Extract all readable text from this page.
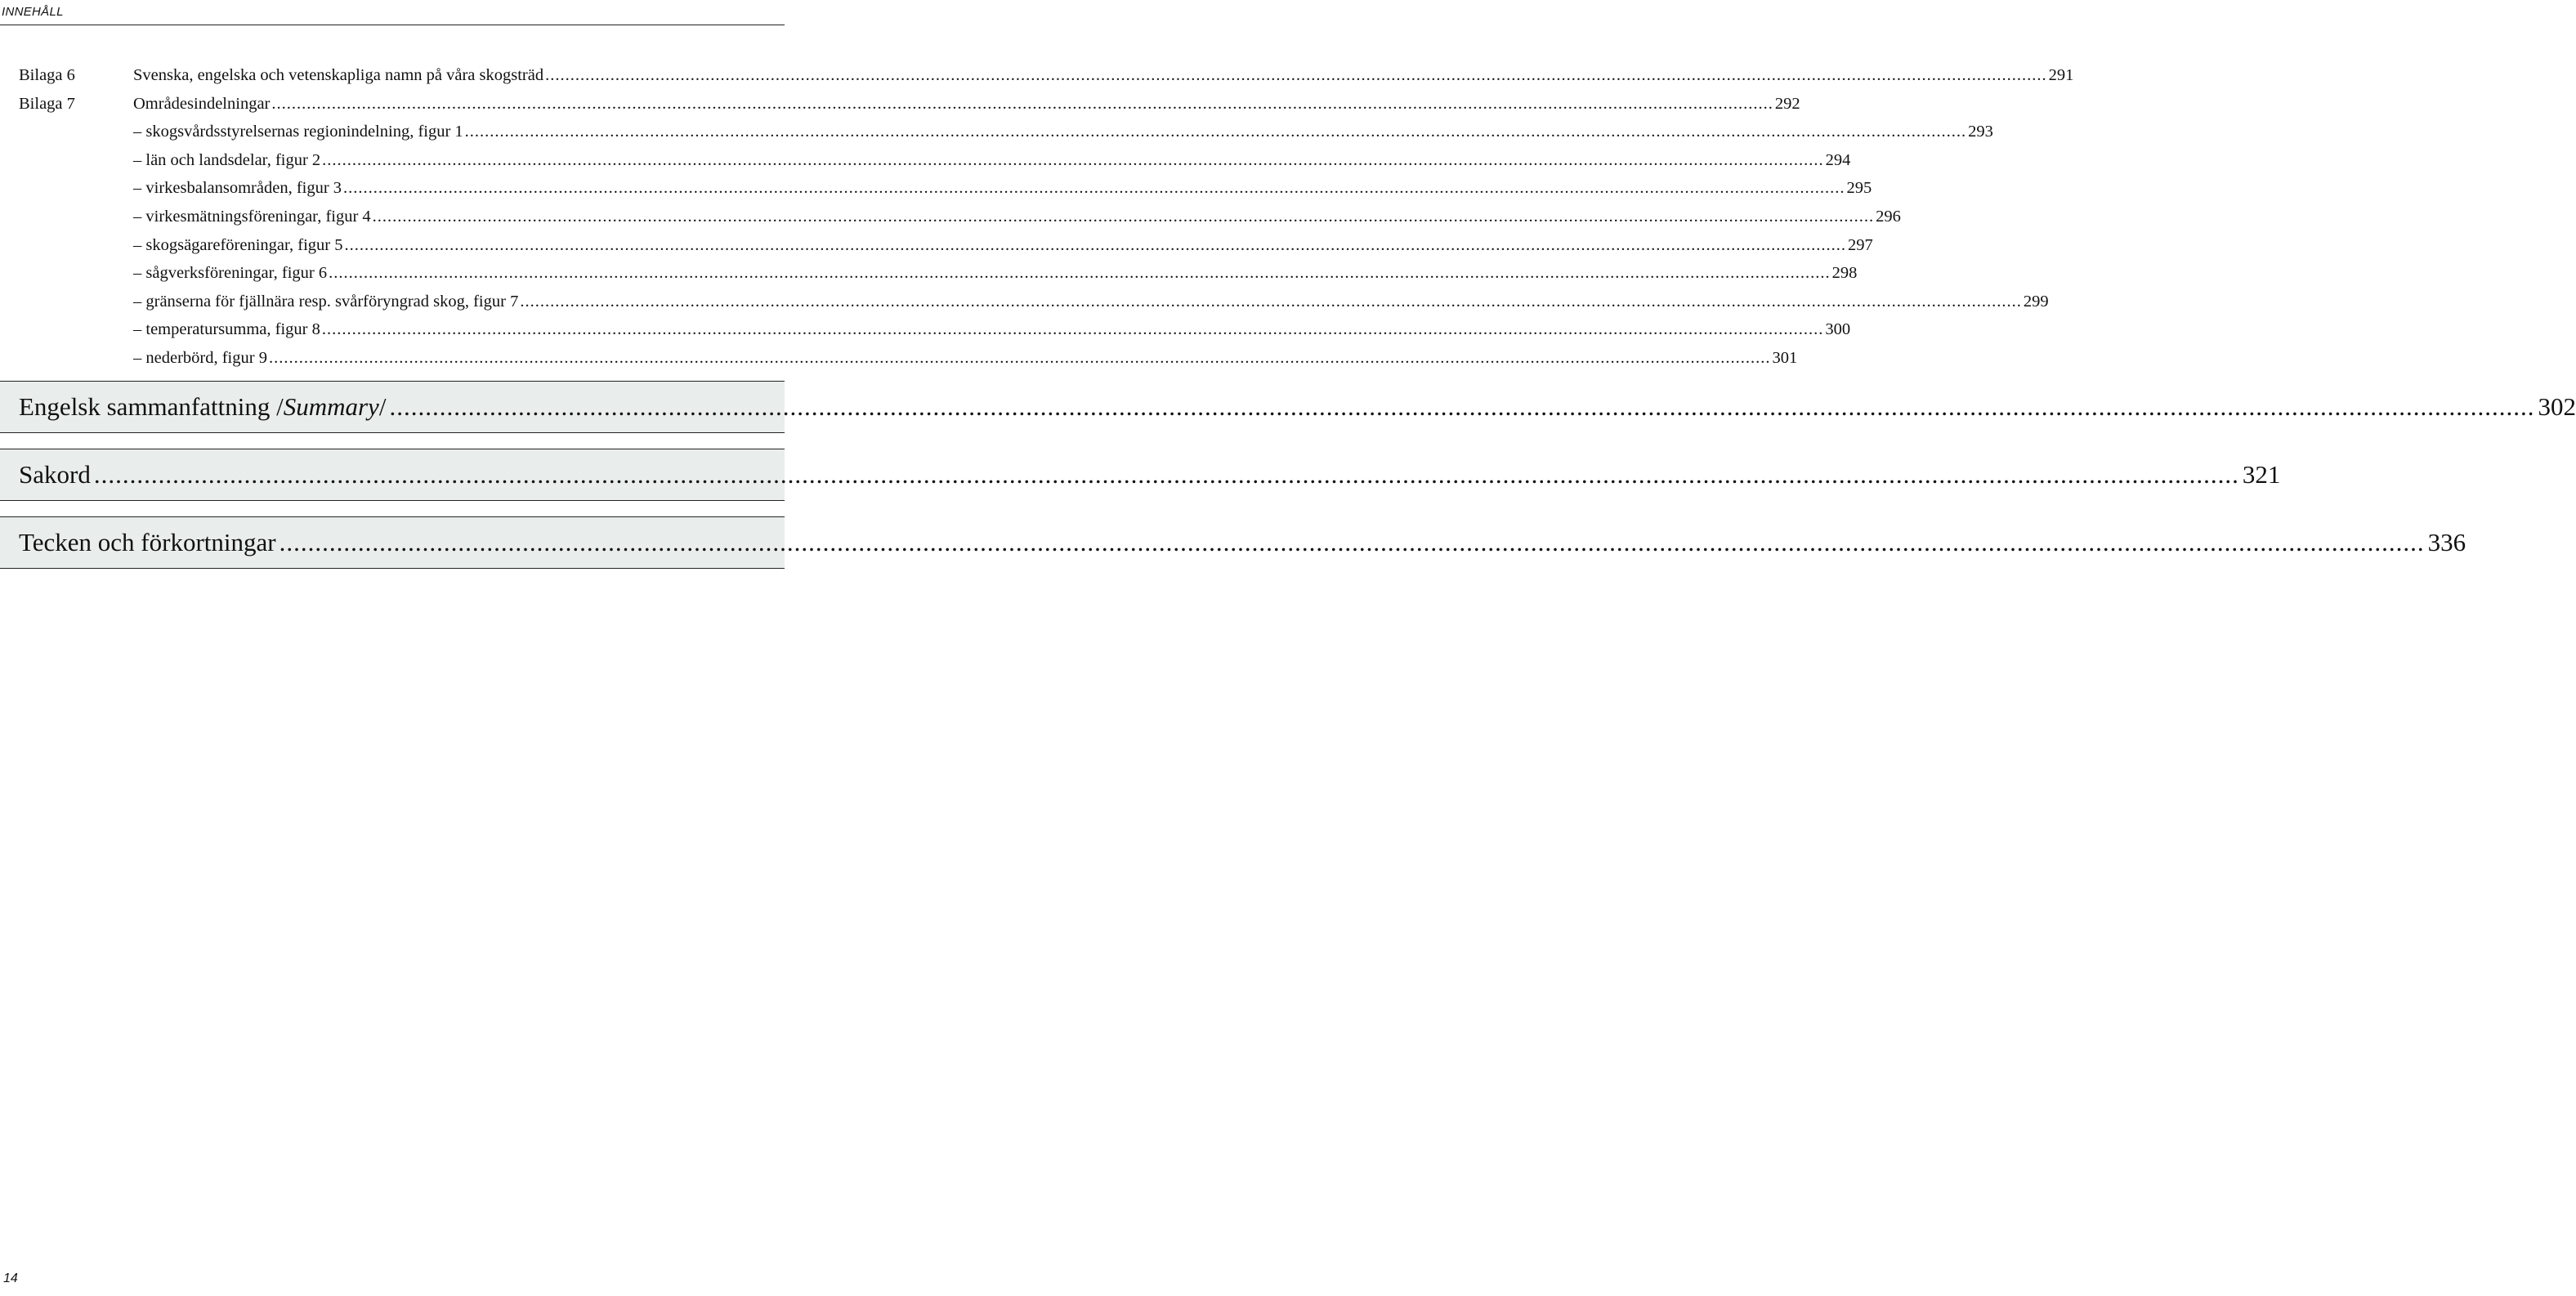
INNEHÅLL
Bilaga 6	Svenska, engelska och vetenskapliga namn på våra skogsträd ............................................................................................................................................................................................................................................................................................................ 291
Bilaga 7	Områdesindelningar ............................................................................................................................................................................................................................................................................................................ 292
– skogsvårdsstyrelsernas regionindelning, figur 1 ............................................................................................................................................................................................................................................................................................................ 293
– län och landsdelar, figur 2 ............................................................................................................................................................................................................................................................................................................ 294
– virkesbalansområden, figur 3 ............................................................................................................................................................................................................................................................................................................ 295
– virkesmätningsföreningar, figur 4 ............................................................................................................................................................................................................................................................................................................ 296
– skogsägareföreningar, figur 5 ............................................................................................................................................................................................................................................................................................................ 297
– sågverksföreningar, figur 6 ............................................................................................................................................................................................................................................................................................................ 298
– gränserna för fjällnära resp. svårföryngrad skog, figur 7 ............................................................................................................................................................................................................................................................................................................ 299
– temperatursumma, figur 8 ............................................................................................................................................................................................................................................................................................................ 300
– nederbörd, figur 9 ............................................................................................................................................................................................................................................................................................................ 301
Engelsk sammanfattning /Summary/ ............................................................................................................................................................................................................................................................................................................ 302
Sakord ............................................................................................................................................................................................................................................................................................................ 321
Tecken och förkortningar ............................................................................................................................................................................................................................................................................................................ 336
14
